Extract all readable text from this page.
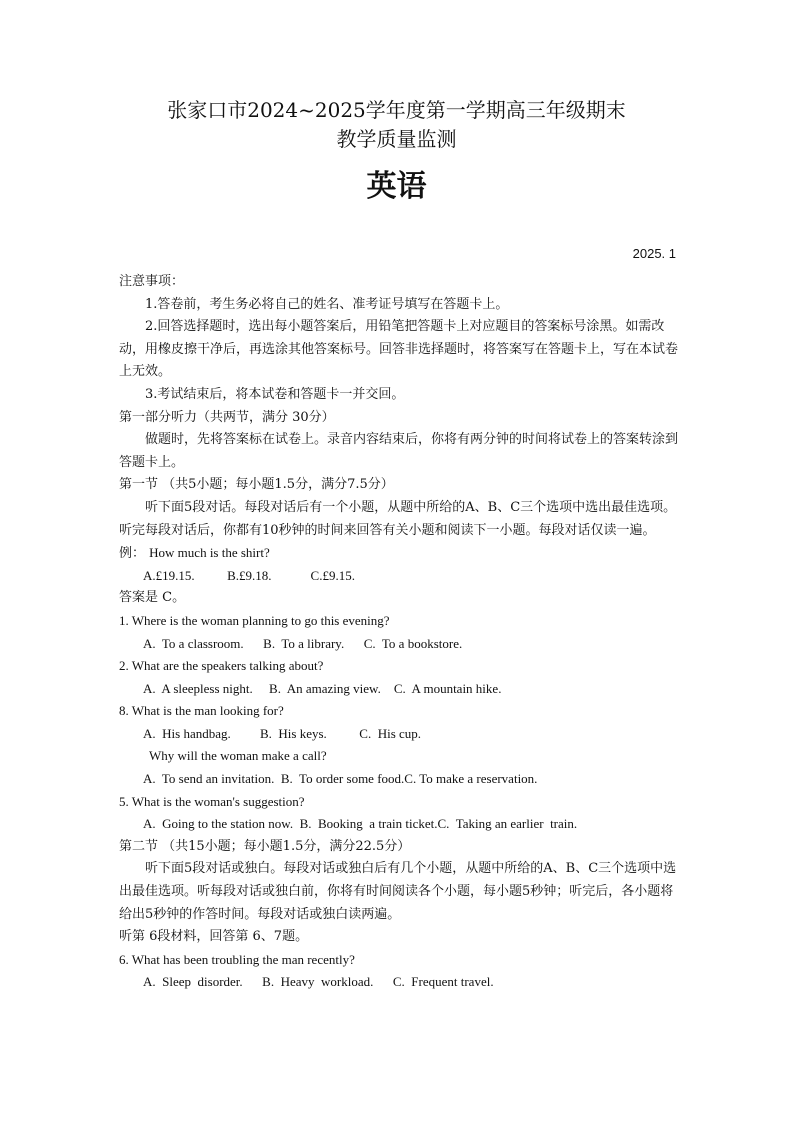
张家口市2024~2025学年度第一学期高三年级期末
教学质量监测
英语
2025. 1
注意事项：
1.答卷前，考生务必将自己的姓名、准考证号填写在答题卡上。
2.回答选择题时，选出每小题答案后，用铅笔把答题卡上对应题目的答案标号涂黑。如需改动，用橡皮擦干净后，再选涂其他答案标号。回答非选择题时，将答案写在答题卡上，写在本试卷上无效。
3.考试结束后，将本试卷和答题卡一并交回。
第一部分听力（共两节，满分 30分）
做题时，先将答案标在试卷上。录音内容结束后，你将有两分钟的时间将试卷上的答案转涂到答题卡上。
第一节 （共5小题；每小题1.5分，满分7.5分）
听下面5段对话。每段对话后有一个小题，从题中所给的A、B、C三个选项中选出最佳选项。听完每段对话后，你都有10秒钟的时间来回答有关小题和阅读下一小题。每段对话仅读一遍。
例： How much is the shirt?
A.£19.15.          B.£9.18.            C.£9.15.
答案是 C。
1. Where is the woman planning to go this evening?
A.  To a classroom.      B.  To a library.      C.  To a bookstore.
2. What are the speakers talking about?
A.  A sleepless night.     B.  An amazing view.    C.  A mountain hike.
8. What is the man looking for?
A.  His handbag.         B.  His keys.          C.  His cup.
Why will the woman make a call?
A.  To send an invitation.  B.  To order some food.C. To make a reservation.
5. What is the woman's suggestion?
A.  Going to the station now.  B.  Booking  a train ticket.C.  Taking an earlier  train.
第二节 （共15小题；每小题1.5分，满分22.5分）
听下面5段对话或独白。每段对话或独白后有几个小题，从题中所给的A、B、C三个选项中选出最佳选项。听每段对话或独白前，你将有时间阅读各个小题，每小题5秒钟；听完后，各小题将给出5秒钟的作答时间。每段对话或独白读两遍。
听第 6段材料，回答第 6、7题。
6. What has been troubling the man recently?
A.  Sleep  disorder.      B.  Heavy  workload.      C.  Frequent travel.
